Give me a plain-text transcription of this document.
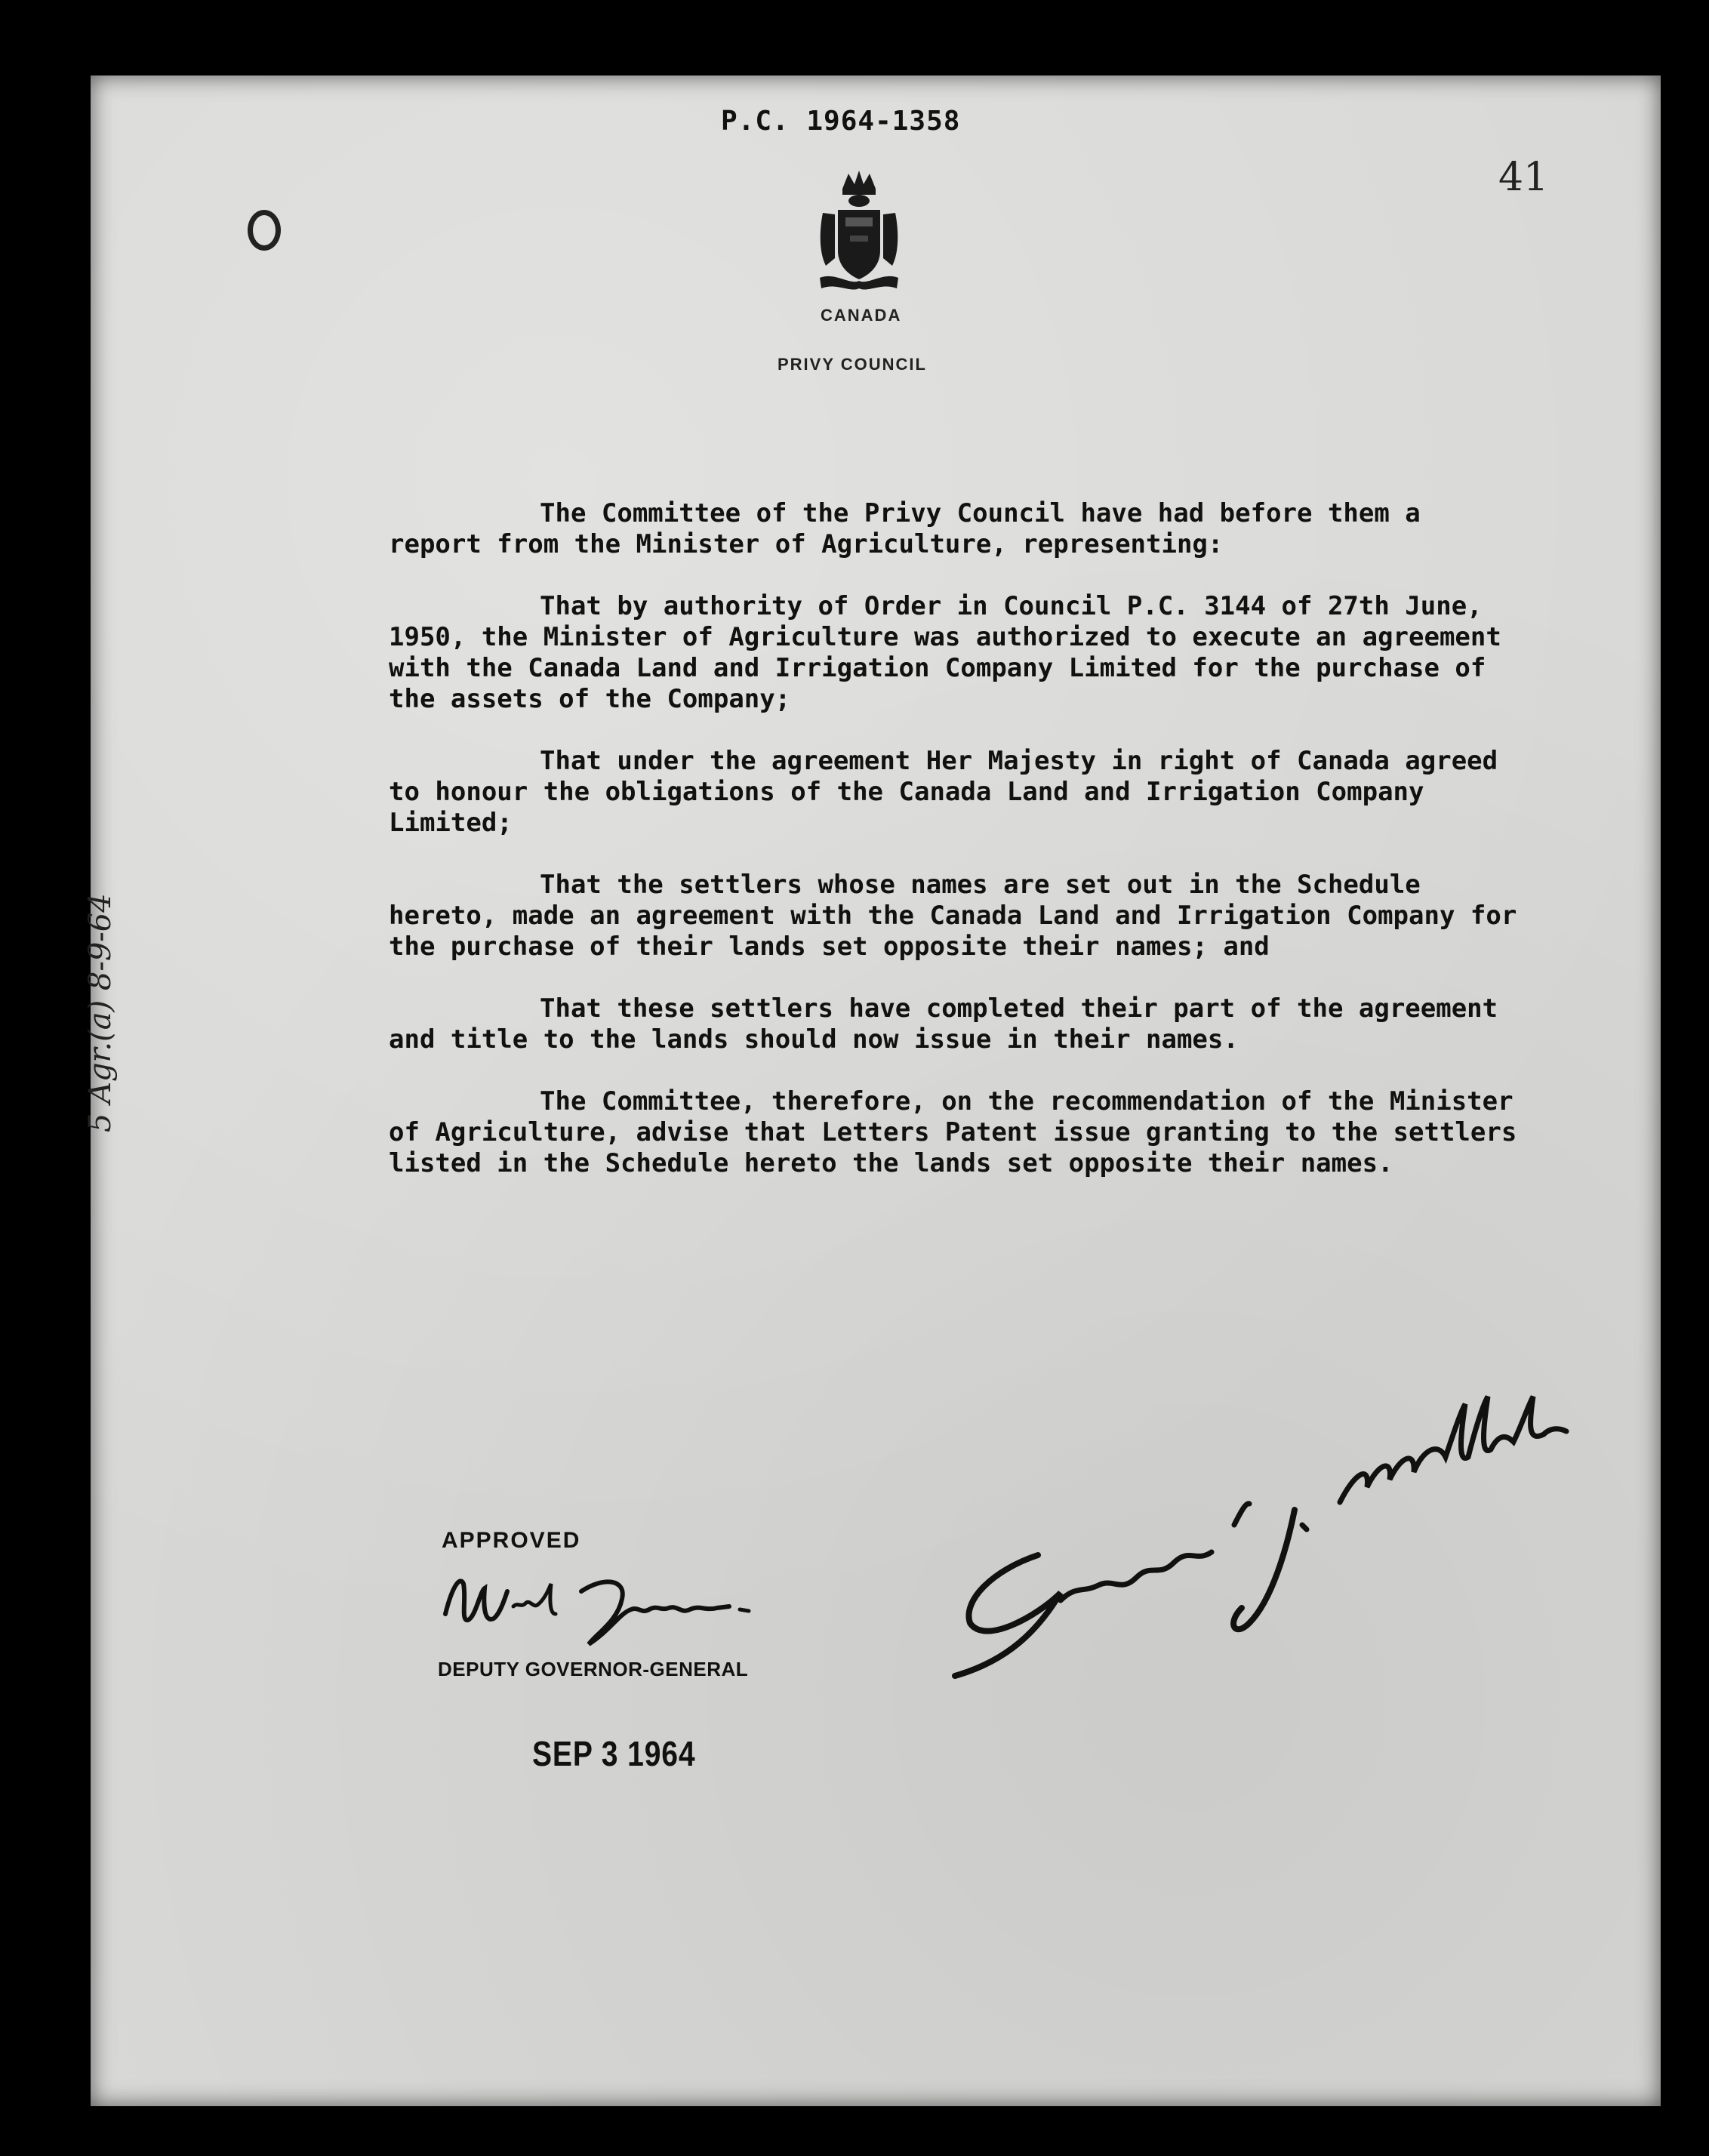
P.C. 1964-1358
41
CANADA
PRIVY COUNCIL

The Committee of the Privy Council have had before them a report from the Minister of Agriculture, representing:

That by authority of Order in Council P.C. 3144 of 27th June, 1950, the Minister of Agriculture was authorized to execute an agreement with the Canada Land and Irrigation Company Limited for the purchase of the assets of the Company;

That under the agreement Her Majesty in right of Canada agreed to honour the obligations of the Canada Land and Irrigation Company Limited;

That the settlers whose names are set out in the Schedule hereto, made an agreement with the Canada Land and Irrigation Company for the purchase of their lands set opposite their names; and

That these settlers have completed their part of the agreement and title to the lands should now issue in their names.

The Committee, therefore, on the recommendation of the Minister of Agriculture, advise that Letters Patent issue granting to the settlers listed in the Schedule hereto the lands set opposite their names.

5 Agr.(a) 8-9-64
APPROVED
DEPUTY GOVERNOR-GENERAL
SEP 3 1964
